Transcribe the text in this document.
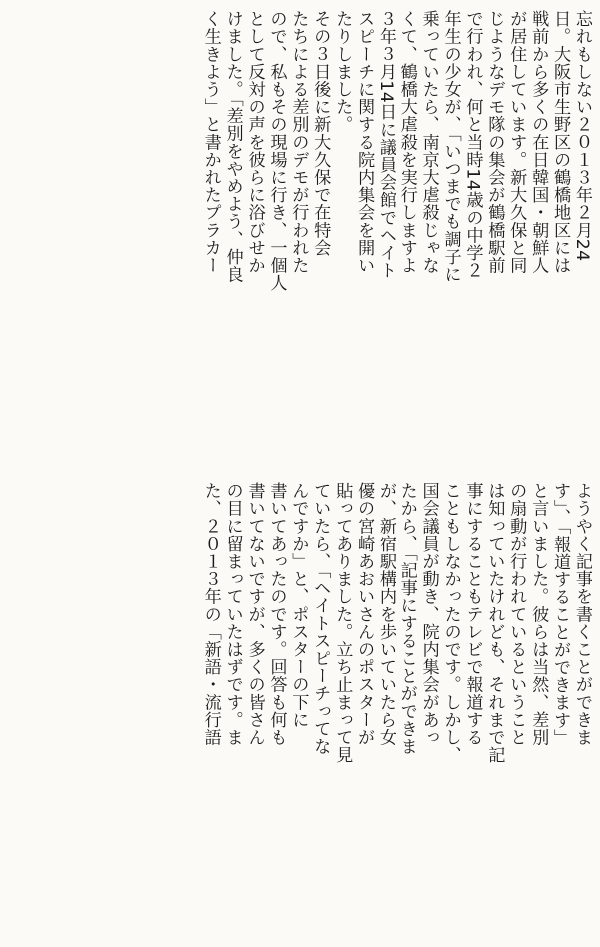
忘れもしない２０１３年２月24
日。大阪市生野区の鶴橋地区には
戦前から多くの在日韓国・朝鮮人
が居住しています。新大久保と同
じようなデモ隊の集会が鶴橋駅前
で行われ、何と当時14歳の中学２
年生の少女が、「いつまでも調子に
乗っていたら、南京大虐殺じゃな
くて、鶴橋大虐殺を実行しますよ

３年３月14日に議員会館でヘイト
スピーチに関する院内集会を開い
たりしました。

その３日後に新大久保で在特会
たちによる差別のデモが行われた
ので、私もその現場に行き、一個人
として反対の声を彼らに浴びせか
けました。「差別をやめよう、仲良
く生きよう」と書かれたプラカー

ようやく記事を書くことができま
す」、「報道することができます」
と言いました。彼らは当然、差別
の扇動が行われているということ
は知っていたけれども、それまで記
事にすることもテレビで報道する
こともしなかったのです。しかし、
国会議員が動き、院内集会があっ
たから、「記事にすることができま

が、新宿駅構内を歩いていたら女
優の宮崎あおいさんのポスターが
貼ってありました。立ち止まって見
ていたら、「ヘイトスピーチってな
んですか」と、ポスターの下に
書いてあったのです。回答も何も
書いてないですが、多くの皆さん
の目に留まっていたはずです。ま
た、２０１３年の「新語・流行語
